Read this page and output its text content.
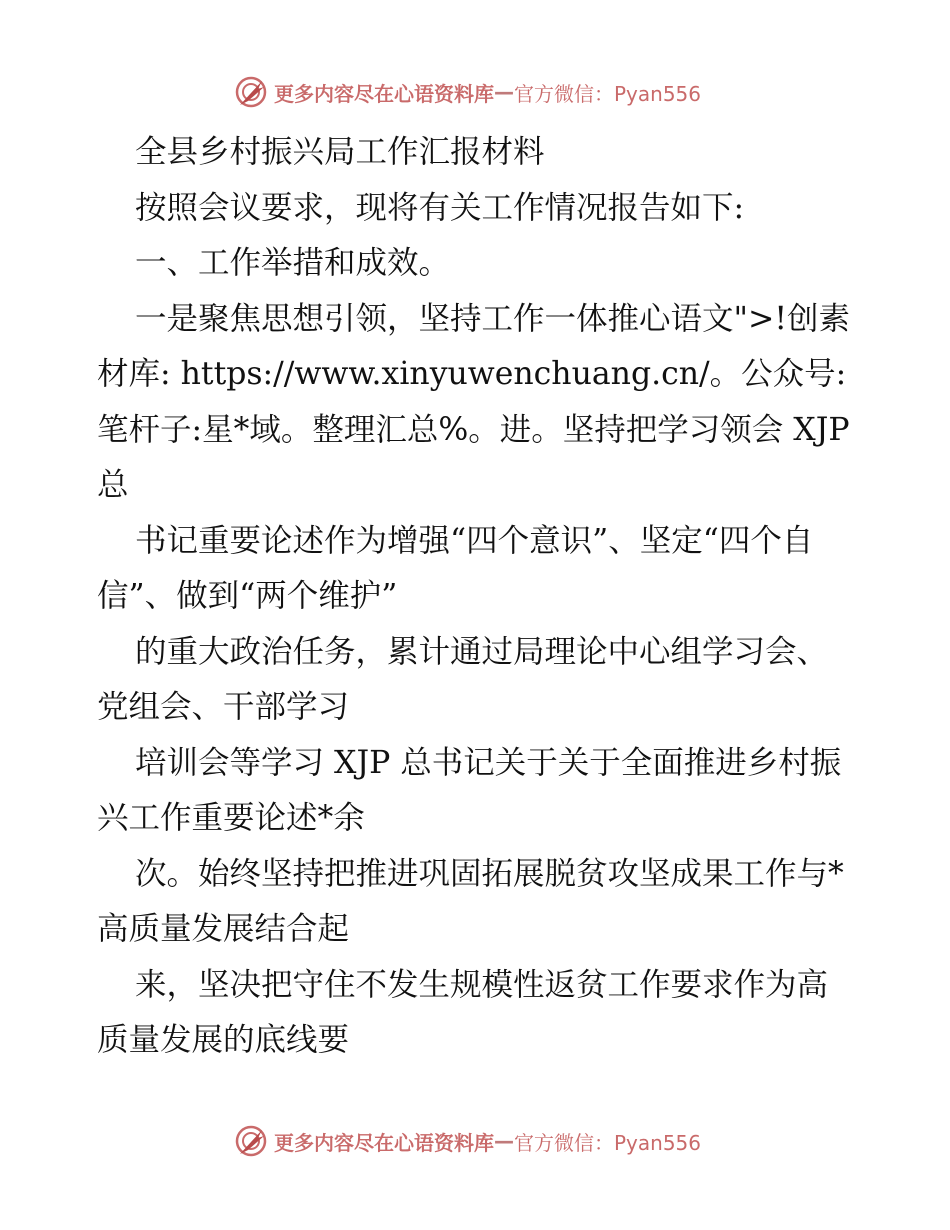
更多内容尽在心语资料库 — 官方微信：Pyan556

全县乡村振兴局工作汇报材料

按照会议要求，现将有关工作情况报告如下:

一、工作举措和成效。

一是聚焦思想引领，坚持工作一体推心语文">!创素材库: https://www.xinyuwenchuang.cn/。公众号: 笔杆子:星*域。整理汇总%。进。坚持把学习领会 XJP 总

书记重要论述作为增强“四个意识”、坚定“四个自信”、做到“两个维护”

的重大政治任务，累计通过局理论中心组学习会、党组会、干部学习

培训会等学习 XJP 总书记关于关于全面推进乡村振兴工作重要论述*余

次。始终坚持把推进巩固拓展脱贫攻坚成果工作与*高质量发展结合起

来，坚决把守住不发生规模性返贫工作要求作为高质量发展的底线要

更多内容尽在心语资料库 — 官方微信：Pyan556
